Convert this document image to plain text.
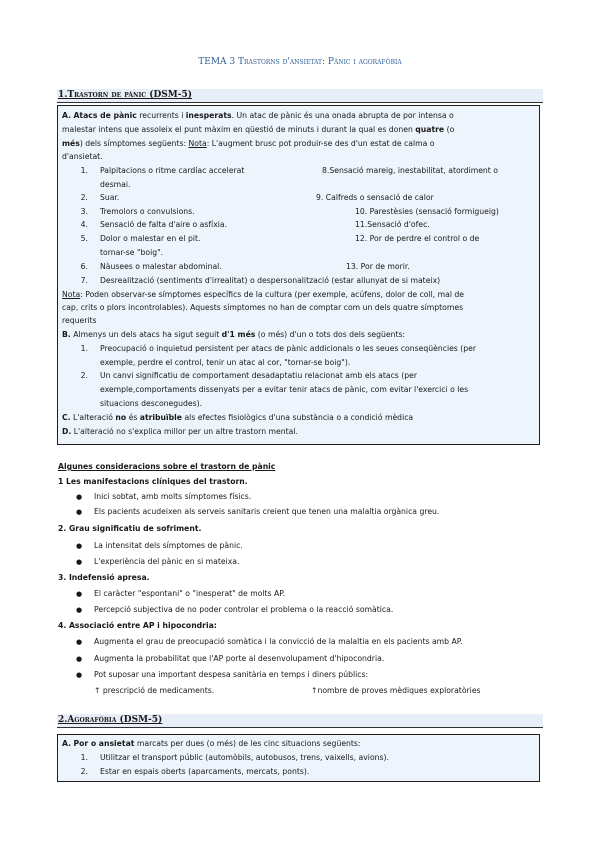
TEMA 3 Trastorns d'ansietat: Pànic i agorafòbia
1.Trastorn de pànic (DSM-5)
A. Atacs de pànic recurrents i inesperats. Un atac de pànic és una onada abrupta de por intensa o
malestar intens que assoleix el punt màxim en qüestió de minuts i durant la qual es donen quatre (o
més) dels símptomes següents: Nota: L'augment brusc pot produir-se des d'un estat de calma o
d'ansietat.
1. Palpitacions o ritme cardíac accelerat
desmai.
2. Suar.
3. Tremolors o convulsions.
4. Sensació de falta d'aire o asfíxia.
5. Dolor o malestar en el pit.
tornar-se "boig".
6. Nàusees o malestar abdominal.
8.Sensació mareig, inestabilitat, atordiment o
9. Calfreds o sensació de calor
10. Parestèsies (sensació formigueig)
11.Sensació d'ofec.
12. Por de perdre el control o de
13. Por de morir.
7. Desrealització (sentiments d'irrealitat) o despersonalització (estar allunyat de si mateix)
Nota: Poden observar-se símptomes específics de la cultura (per exemple, acúfens, dolor de coll, mal de
cap, crits o plors incontrolables). Aquests símptomes no han de comptar com un dels quatre símptomes
requerits
B. Almenys un dels atacs ha sigut seguit d'1 més (o més) d'un o tots dos dels següents:
1. Preocupació o inquietud persistent per atacs de pànic addicionals o les seues conseqüències (per
exemple, perdre el control, tenir un atac al cor, "tornar-se boig").
2. Un canvi significatiu de comportament desadaptatiu relacionat amb els atacs (per
exemple,comportaments dissenyats per a evitar tenir atacs de pànic, com evitar l'exercici o les
situacions desconegudes).
C. L'alteració no és atribuïble als efectes fisiològics d'una substància o a condició mèdica
D. L'alteració no s'explica millor per un altre trastorn mental.
Algunes consideracions sobre el trastorn de pànic
1 Les manifestacions clíniques del trastorn.
● Inici sobtat, amb molts símptomes físics.
● Els pacients acudeixen als serveis sanitaris creient que tenen una malaltia orgànica greu.
2. Grau significatiu de sofriment.
● La intensitat dels símptomes de pànic.
● L'experiència del pànic en si mateixa.
3. Indefensió apresa.
● El caràcter "espontani" o "inesperat" de molts AP.
● Percepció subjectiva de no poder controlar el problema o la reacció somàtica.
4. Associació entre AP i hipocondria:
● Augmenta el grau de preocupació somàtica i la convicció de la malaltia en els pacients amb AP.
● Augmenta la probabilitat que l'AP porte al desenvolupament d'hipocondria.
● Pot suposar una important despesa sanitària en temps i diners públics:
↑ prescripció de medicaments.	↑nombre de proves mèdiques exploratòries
2.Agorafòbia (DSM-5)
A. Por o ansietat marcats per dues (o més) de les cinc situacions següents:
1. Utilitzar el transport públic (automòbils, autobusos, trens, vaixells, avions).
2. Estar en espais oberts (aparcaments, mercats, ponts).
